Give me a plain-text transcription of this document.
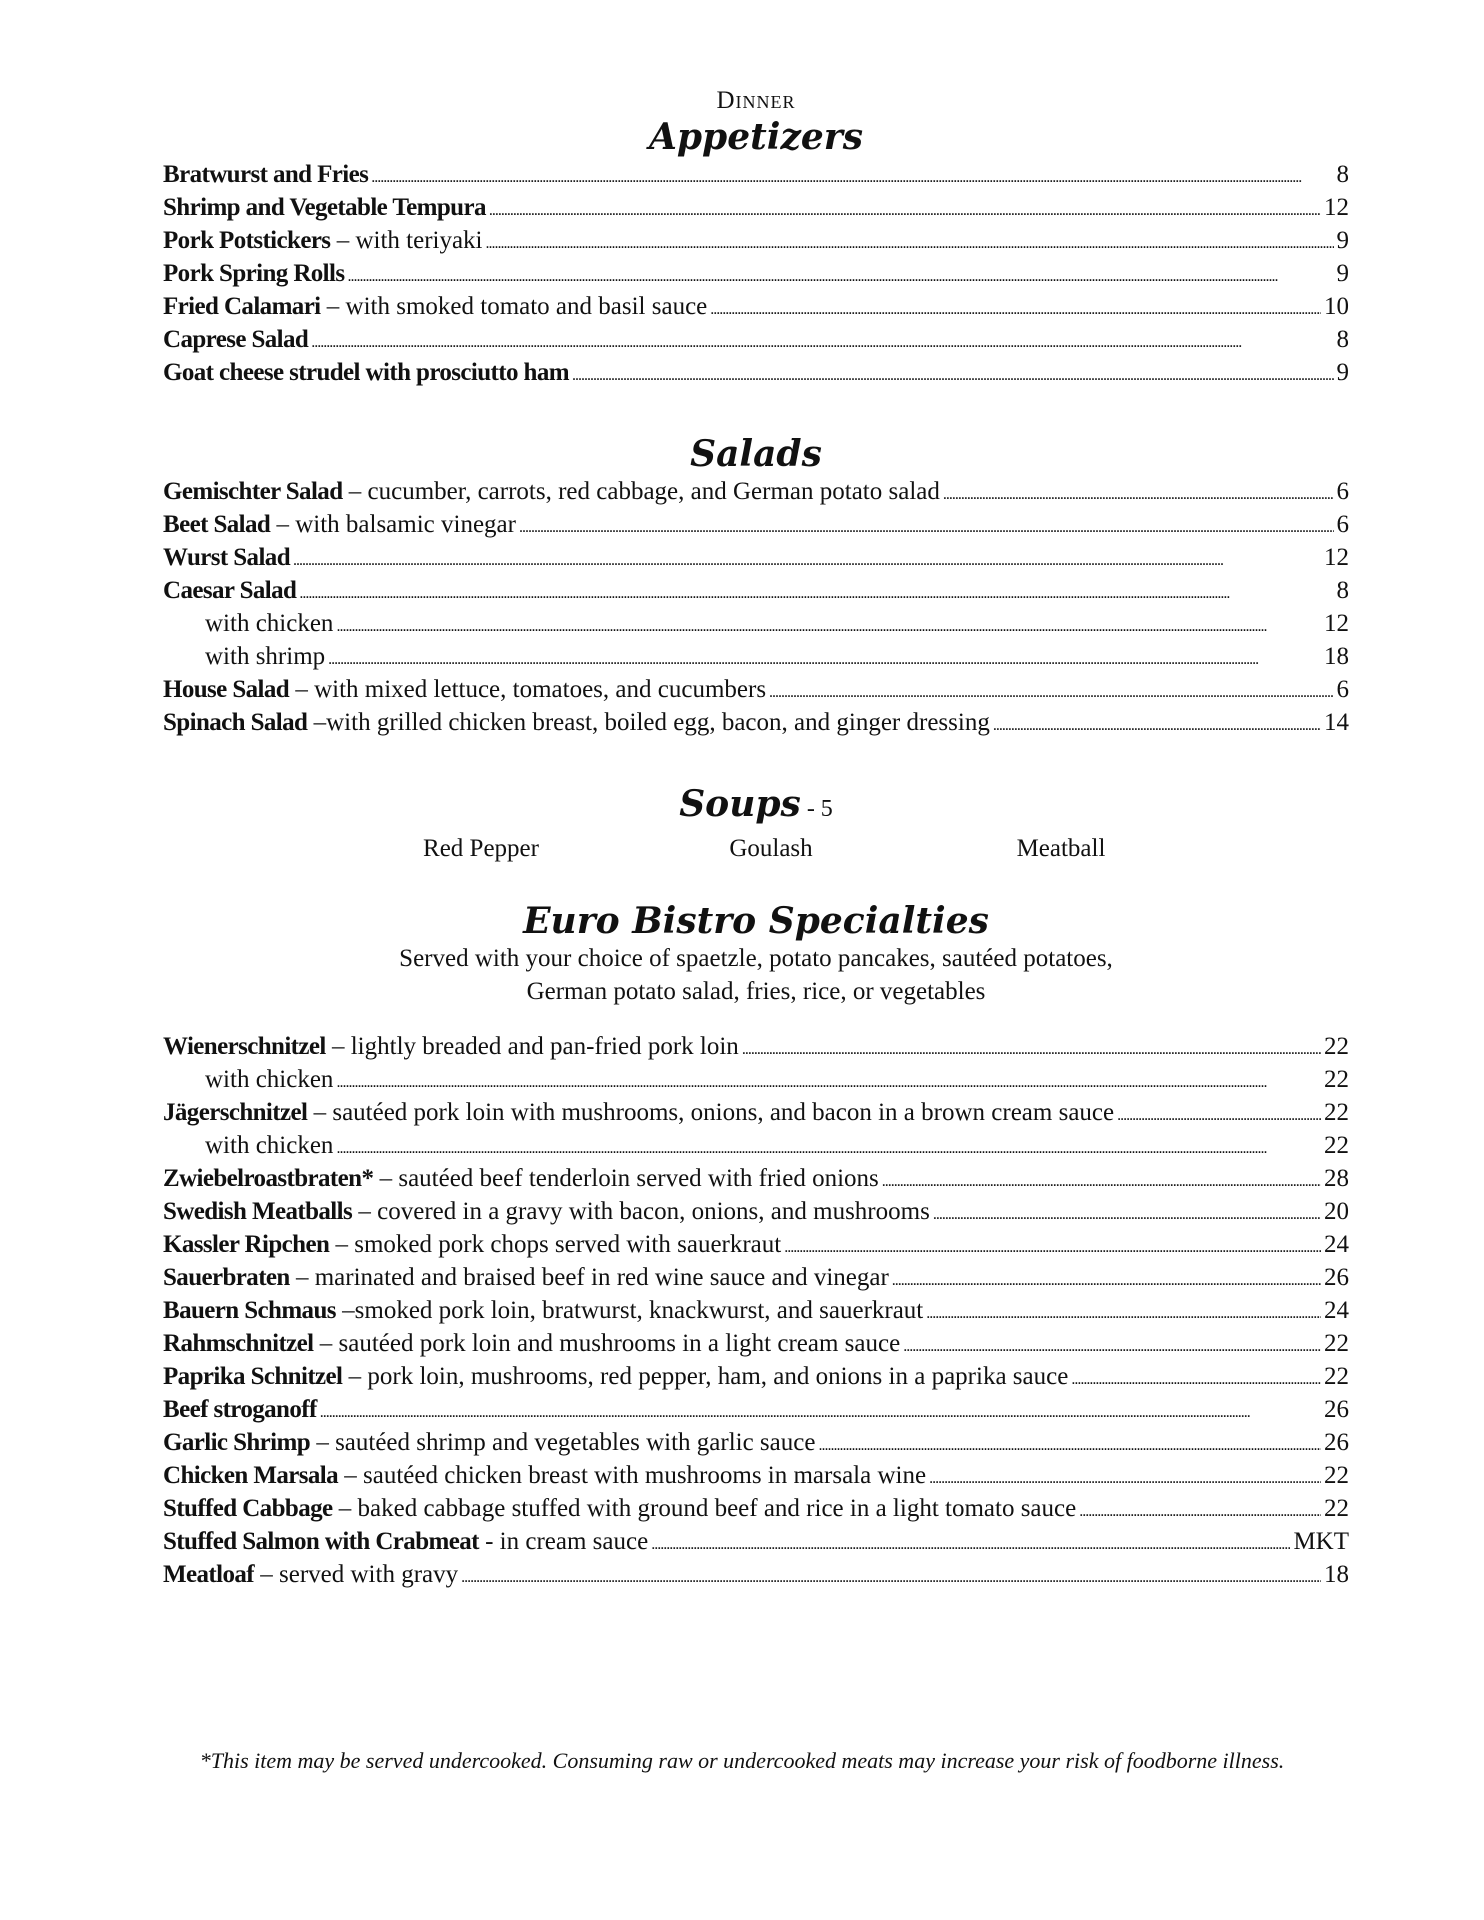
Dinner
Appetizers
Bratwurst and Fries . . .	8
Shrimp and Vegetable Tempura . . .	12
Pork Potstickers – with teriyaki . . .	9
Pork Spring Rolls . . .	9
Fried Calamari – with smoked tomato and basil sauce . . .	10
Caprese Salad . . .	8
Goat cheese strudel with prosciutto ham . . .	9
Salads
Gemischter Salad – cucumber, carrots, red cabbage, and German potato salad . . .	6
Beet Salad – with balsamic vinegar . . .	6
Wurst Salad . . .	12
Caesar Salad . . .	8
with chicken . . .	12
with shrimp . . .	18
House Salad – with mixed lettuce, tomatoes, and cucumbers . . .	6
Spinach Salad –with grilled chicken breast, boiled egg, bacon, and ginger dressing . . .	14
Soups - 5
Red Pepper	Goulash	Meatball
Euro Bistro Specialties
Served with your choice of spaetzle, potato pancakes, sautéed potatoes,
German potato salad, fries, rice, or vegetables
Wienerschnitzel – lightly breaded and pan-fried pork loin . . .	22
with chicken . . .	22
Jägerschnitzel – sautéed pork loin with mushrooms, onions, and bacon in a brown cream sauce . . .	22
with chicken . . .	22
Zwiebelroastbraten* – sautéed beef tenderloin served with fried onions . . .	28
Swedish Meatballs – covered in a gravy with bacon, onions, and mushrooms . . .	20
Kassler Ripchen – smoked pork chops served with sauerkraut . . .	24
Sauerbraten – marinated and braised beef in red wine sauce and vinegar . . .	26
Bauern Schmaus –smoked pork loin, bratwurst, knackwurst, and sauerkraut . . .	24
Rahmschnitzel – sautéed pork loin and mushrooms in a light cream sauce . . .	22
Paprika Schnitzel – pork loin, mushrooms, red pepper, ham, and onions in a paprika sauce . . .	22
Beef stroganoff . . .	26
Garlic Shrimp – sautéed shrimp and vegetables with garlic sauce . . .	26
Chicken Marsala – sautéed chicken breast with mushrooms in marsala wine . . .	22
Stuffed Cabbage – baked cabbage stuffed with ground beef and rice in a light tomato sauce . . .	22
Stuffed Salmon with Crabmeat - in cream sauce . . .	MKT
Meatloaf – served with gravy . . .	18
*This item may be served undercooked. Consuming raw or undercooked meats may increase your risk of foodborne illness.
